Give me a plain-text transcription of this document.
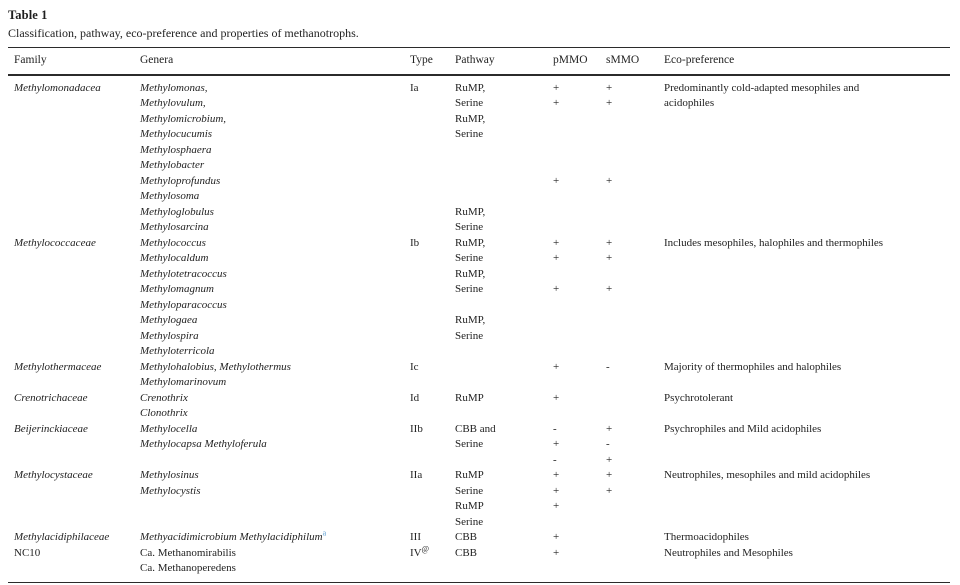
Table 1
Classification, pathway, eco-preference and properties of methanotrophs.
Family	Genera	Type	Pathway	pMMO	sMMO	Eco-preference
Methylomonadacea	Methylomonas,	Ia	RuMP,	+	+	Predominantly cold-adapted mesophiles and
	Methylovulum,		Serine	+	+	acidophiles
	Methylomicrobium,		RuMP,			
	Methylocucumis		Serine			
	Methylosphaera					
	Methylobacter					
	Methyloprofundus			+	+	
	Methylosoma					
	Methyloglobulus		RuMP,			
	Methylosarcina		Serine			
Methylococcaceae	Methylococcus	Ib	RuMP,	+	+	Includes mesophiles, halophiles and thermophiles
	Methylocaldum		Serine	+	+	
	Methylotetracoccus		RuMP,			
	Methylomagnum		Serine	+	+	
	Methyloparacoccus					
	Methylogaea		RuMP,			
	Methylospira		Serine			
	Methyloterricola					
Methylothermaceae	Methylohalobius, Methylothermus	Ic		+	-	Majority of thermophiles and halophiles
	Methylomarinovum					
Crenotrichaceae	Crenothrix	Id	RuMP	+		Psychrotolerant
	Clonothrix					
Beijerinckiaceae	Methylocella	IIb	CBB and	-	+	Psychrophiles and Mild acidophiles
	Methylocapsa Methyloferula		Serine	+	-	
				-	+	
Methylocystaceae	Methylosinus	IIa	RuMP	+	+	Neutrophiles, mesophiles and mild acidophiles
	Methylocystis		Serine	+	+	
			RuMP	+		
			Serine			
Methylacidiphilaceae	Methyacidimicrobium Methylacidiphilum$^a$	III	CBB	+		Thermoacidophiles
NC10	Ca. Methanomirabilis	IV@	CBB	+		Neutrophiles and Mesophiles
	Ca. Methanoperedens					
